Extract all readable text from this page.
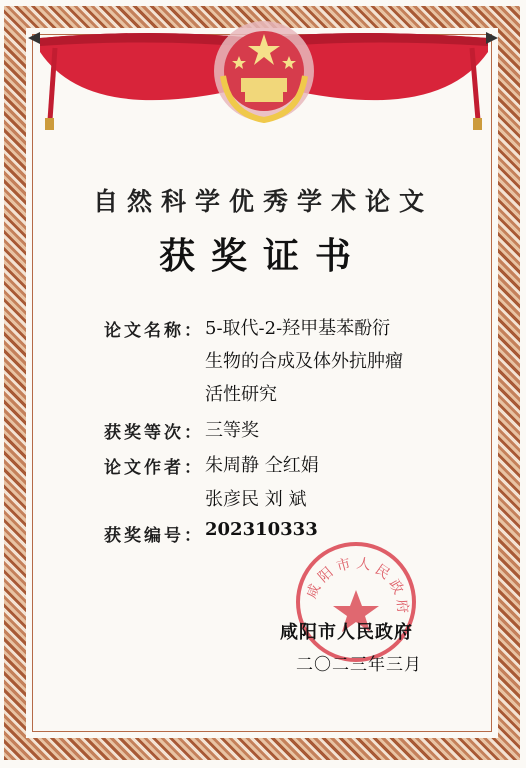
自然科学优秀学术论文
获奖证书
论文名称： 5-取代-2-羟甲基苯酚衍
生物的合成及体外抗肿瘤
活性研究
获奖等次： 三等奖
论文作者： 朱周静 仝红娟
张彦民 刘 斌
获奖编号： 202310333
咸 阳 市 人 民 政 府
咸阳市人民政府
二〇二三年三月
